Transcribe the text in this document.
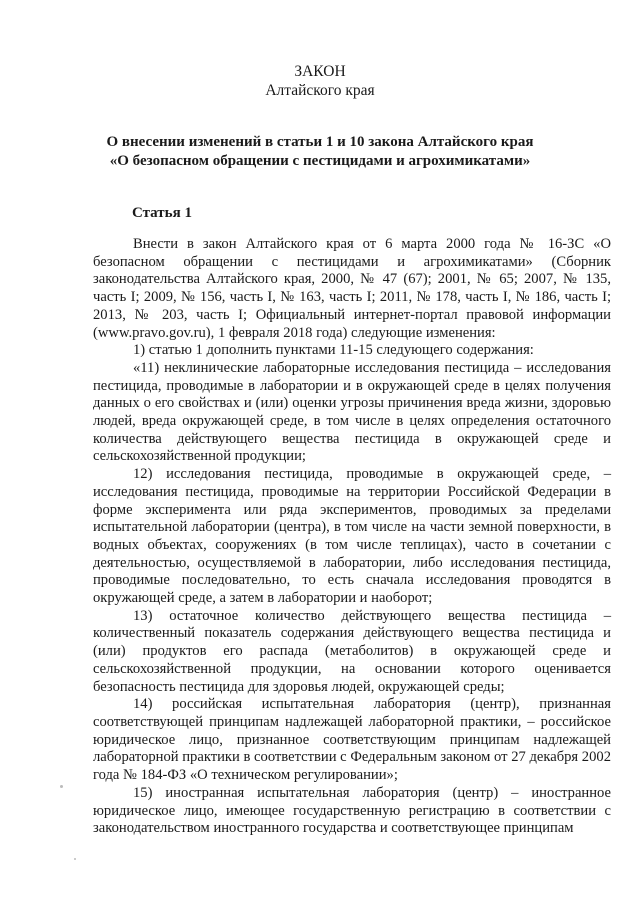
ЗАКОН
Алтайского края
О внесении изменений в статьи 1 и 10 закона Алтайского края
«О безопасном обращении с пестицидами и агрохимикатами»
Статья 1

Внести в закон Алтайского края от 6 марта 2000 года № 16-ЗС «О безопасном обращении с пестицидами и агрохимикатами» (Сборник законодательства Алтайского края, 2000, № 47 (67); 2001, № 65; 2007, № 135, часть I; 2009, № 156, часть I, № 163, часть I; 2011, № 178, часть I, № 186, часть I; 2013, № 203, часть I; Официальный интернет-портал правовой информации (www.pravo.gov.ru), 1 февраля 2018 года) следующие изменения:

1) статью 1 дополнить пунктами 11-15 следующего содержания:

«11) неклинические лабораторные исследования пестицида – исследования пестицида, проводимые в лаборатории и в окружающей среде в целях получения данных о его свойствах и (или) оценки угрозы причинения вреда жизни, здоровью людей, вреда окружающей среде, в том числе в целях определения остаточного количества действующего вещества пестицида в окружающей среде и сельскохозяйственной продукции;

12) исследования пестицида, проводимые в окружающей среде, – исследования пестицида, проводимые на территории Российской Федерации в форме эксперимента или ряда экспериментов, проводимых за пределами испытательной лаборатории (центра), в том числе на части земной поверхности, в водных объектах, сооружениях (в том числе теплицах), часто в сочетании с деятельностью, осуществляемой в лаборатории, либо исследования пестицида, проводимые последовательно, то есть сначала исследования проводятся в окружающей среде, а затем в лаборатории и наоборот;

13) остаточное количество действующего вещества пестицида – количественный показатель содержания действующего вещества пестицида и (или) продуктов его распада (метаболитов) в окружающей среде и сельскохозяйственной продукции, на основании которого оценивается безопасность пестицида для здоровья людей, окружающей среды;

14) российская испытательная лаборатория (центр), признанная соответствующей принципам надлежащей лабораторной практики, – российское юридическое лицо, признанное соответствующим принципам надлежащей лабораторной практики в соответствии с Федеральным законом от 27 декабря 2002 года № 184-ФЗ «О техническом регулировании»;

15) иностранная испытательная лаборатория (центр) – иностранное юридическое лицо, имеющее государственную регистрацию в соответствии с законодательством иностранного государства и соответствующее принципам
